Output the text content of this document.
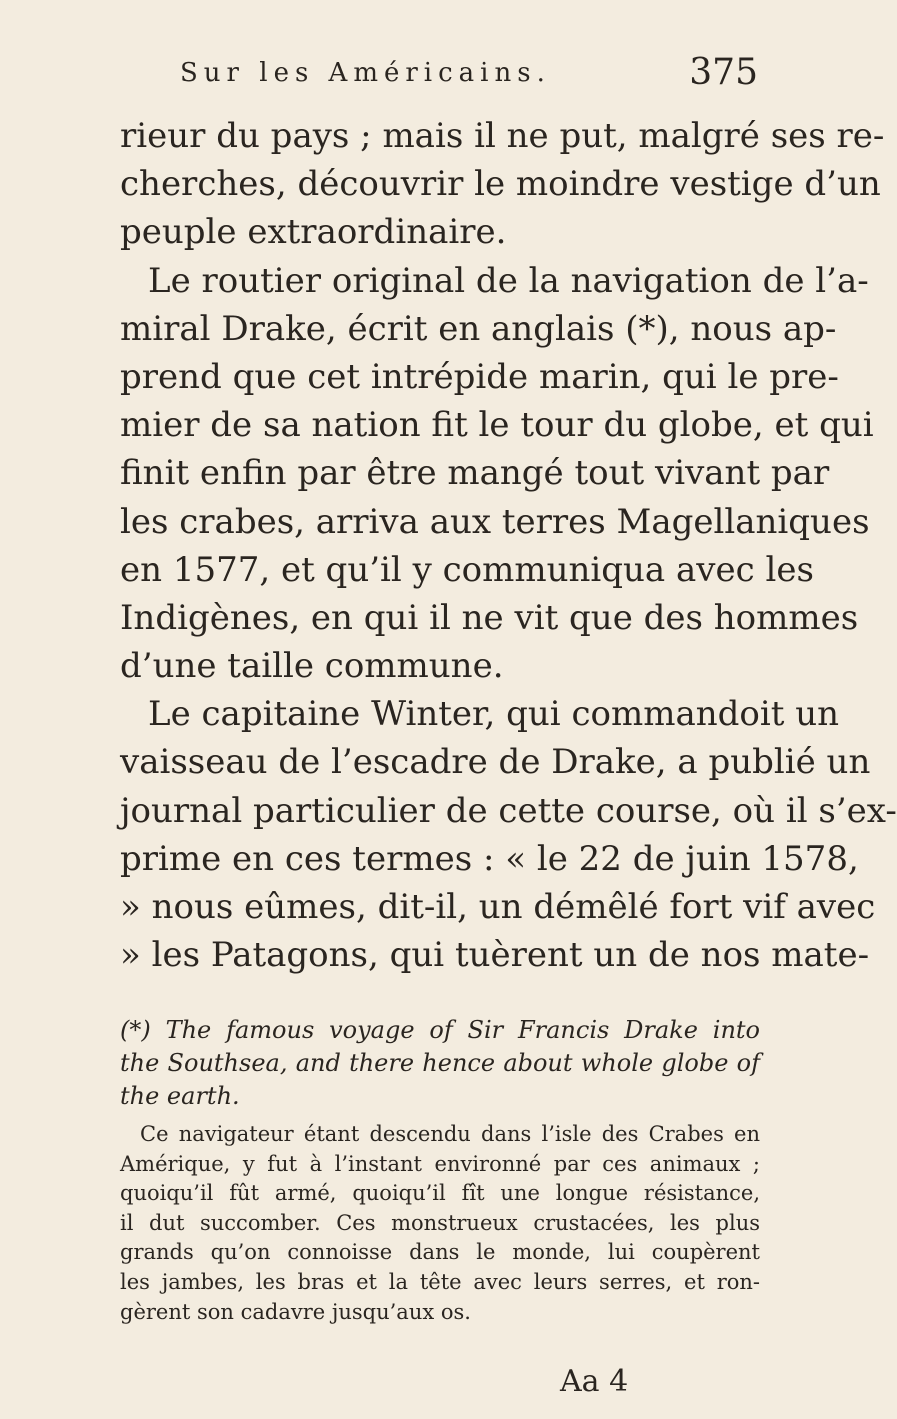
Sur les Américains.	375
rieur du pays ; mais il ne put, malgré ses re-
cherches, découvrir le moindre vestige d’un
peuple extraordinaire.
Le routier original de la navigation de l’a-
miral Drake, écrit en anglais (*), nous ap-
prend que cet intrépide marin, qui le pre-
mier de sa nation fit le tour du globe, et qui
finit enfin par être mangé tout vivant par
les crabes, arriva aux terres Magellaniques
en 1577, et qu’il y communiqua avec les
Indigènes, en qui il ne vit que des hommes
d’une taille commune.
Le capitaine Winter, qui commandoit un
vaisseau de l’escadre de Drake, a publié un
journal particulier de cette course, où il s’ex-
prime en ces termes : « le 22 de juin 1578,
» nous eûmes, dit-il, un démêlé fort vif avec
» les Patagons, qui tuèrent un de nos mate-
(*) The famous voyage of Sir Francis Drake into
the Southsea, and there hence about whole globe of
the earth.
Ce navigateur étant descendu dans l’isle des Crabes en
Amérique, y fut à l’instant environné par ces animaux ;
quoiqu’il fût armé, quoiqu’il fît une longue résistance,
il dut succomber. Ces monstrueux crustacées, les plus
grands qu’on connoisse dans le monde, lui coupèrent
les jambes, les bras et la tête avec leurs serres, et ron-
gèrent son cadavre jusqu’aux os.
Aa 4
